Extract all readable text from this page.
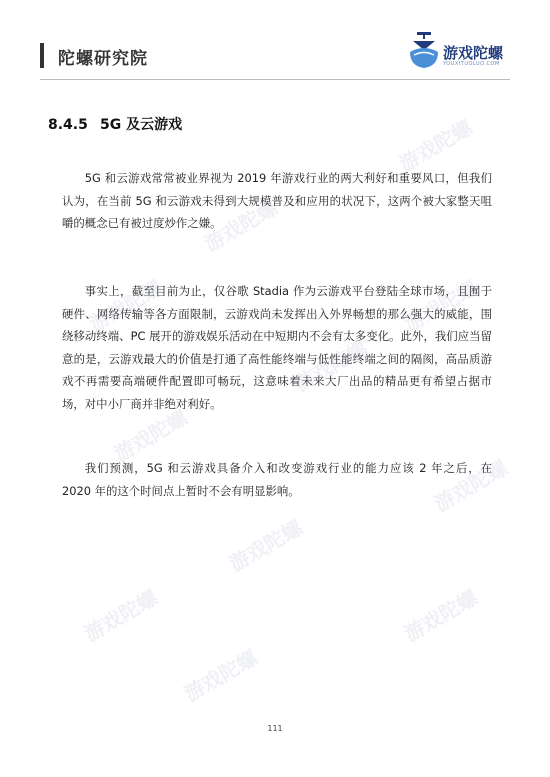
陀螺研究院	游戏陀螺
YOUXITUOLUO.COM
8.4.5 5G 及云游戏

5G 和云游戏常常被业界视为 2019 年游戏行业的两大利好和重要风口，但我们认为，在当前 5G 和云游戏未得到大规模普及和应用的状况下，这两个被大家整天咀嚼的概念已有被过度炒作之嫌。

事实上，截至目前为止，仅谷歌 Stadia 作为云游戏平台登陆全球市场，且囿于硬件、网络传输等各方面限制，云游戏尚未发挥出入外界畅想的那么强大的威能，围绕移动终端、PC 展开的游戏娱乐活动在中短期内不会有太多变化。此外，我们应当留意的是，云游戏最大的价值是打通了高性能终端与低性能终端之间的隔阂，高品质游戏不再需要高端硬件配置即可畅玩，这意味着未来大厂出品的精品更有希望占据市场，对中小厂商并非绝对利好。

我们预测，5G 和云游戏具备介入和改变游戏行业的能力应该 2 年之后，在 2020 年的这个时间点上暂时不会有明显影响。

游戏陀螺
游戏陀螺
游戏陀螺	游戏陀螺
游戏陀螺
游戏陀螺
游戏陀螺
游戏陀螺
游戏陀螺	游戏陀螺
游戏陀螺
111
